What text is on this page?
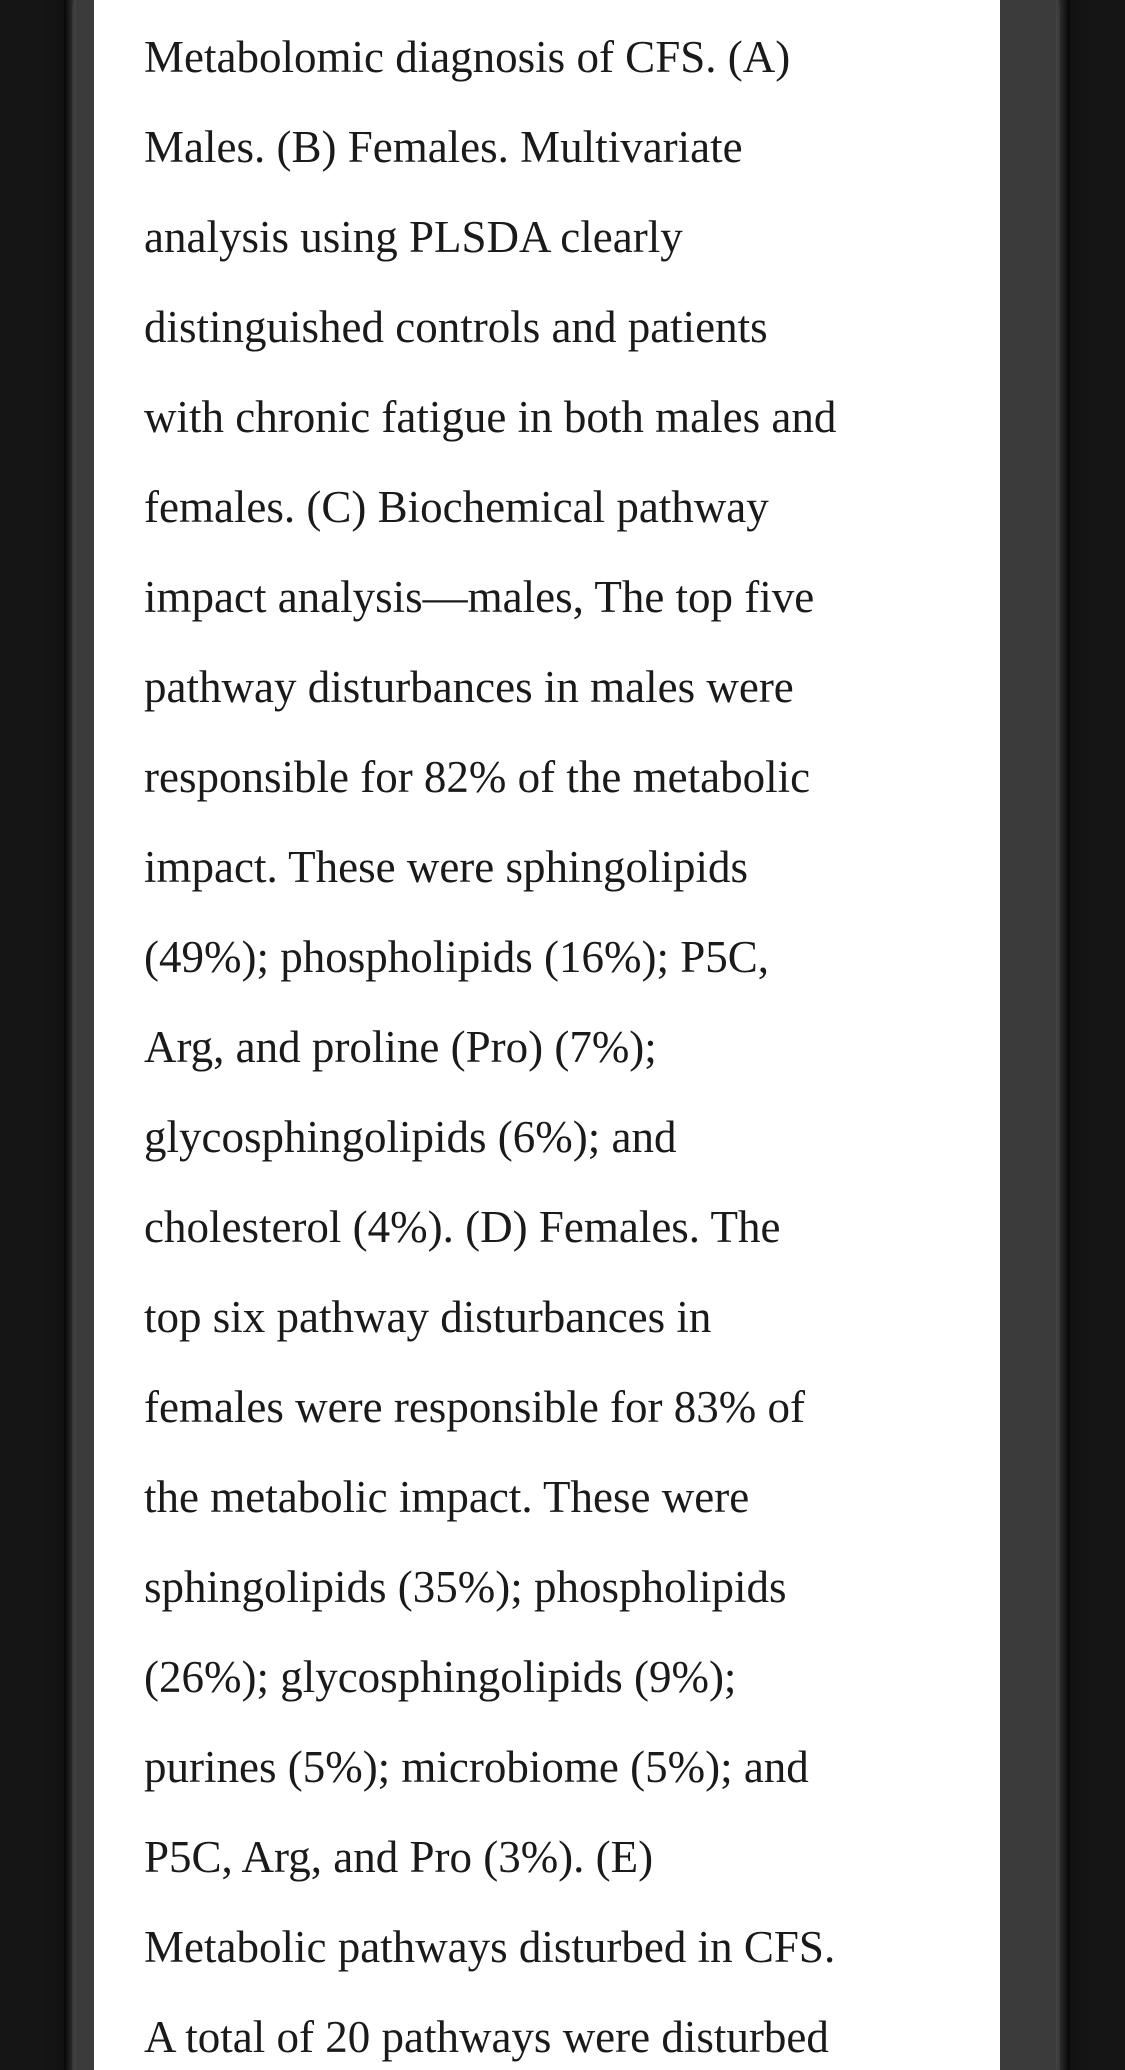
Metabolomic diagnosis of CFS. (A)
Males. (B) Females. Multivariate
analysis using PLSDA clearly
distinguished controls and patients
with chronic fatigue in both males and
females. (C) Biochemical pathway
impact analysis—males, The top five
pathway disturbances in males were
responsible for 82% of the metabolic
impact. These were sphingolipids
(49%); phospholipids (16%); P5C,
Arg, and proline (Pro) (7%);
glycosphingolipids (6%); and
cholesterol (4%). (D) Females. The
top six pathway disturbances in
females were responsible for 83% of
the metabolic impact. These were
sphingolipids (35%); phospholipids
(26%); glycosphingolipids (9%);
purines (5%); microbiome (5%); and
P5C, Arg, and Pro (3%). (E)
Metabolic pathways disturbed in CFS.
A total of 20 pathways were disturbed
